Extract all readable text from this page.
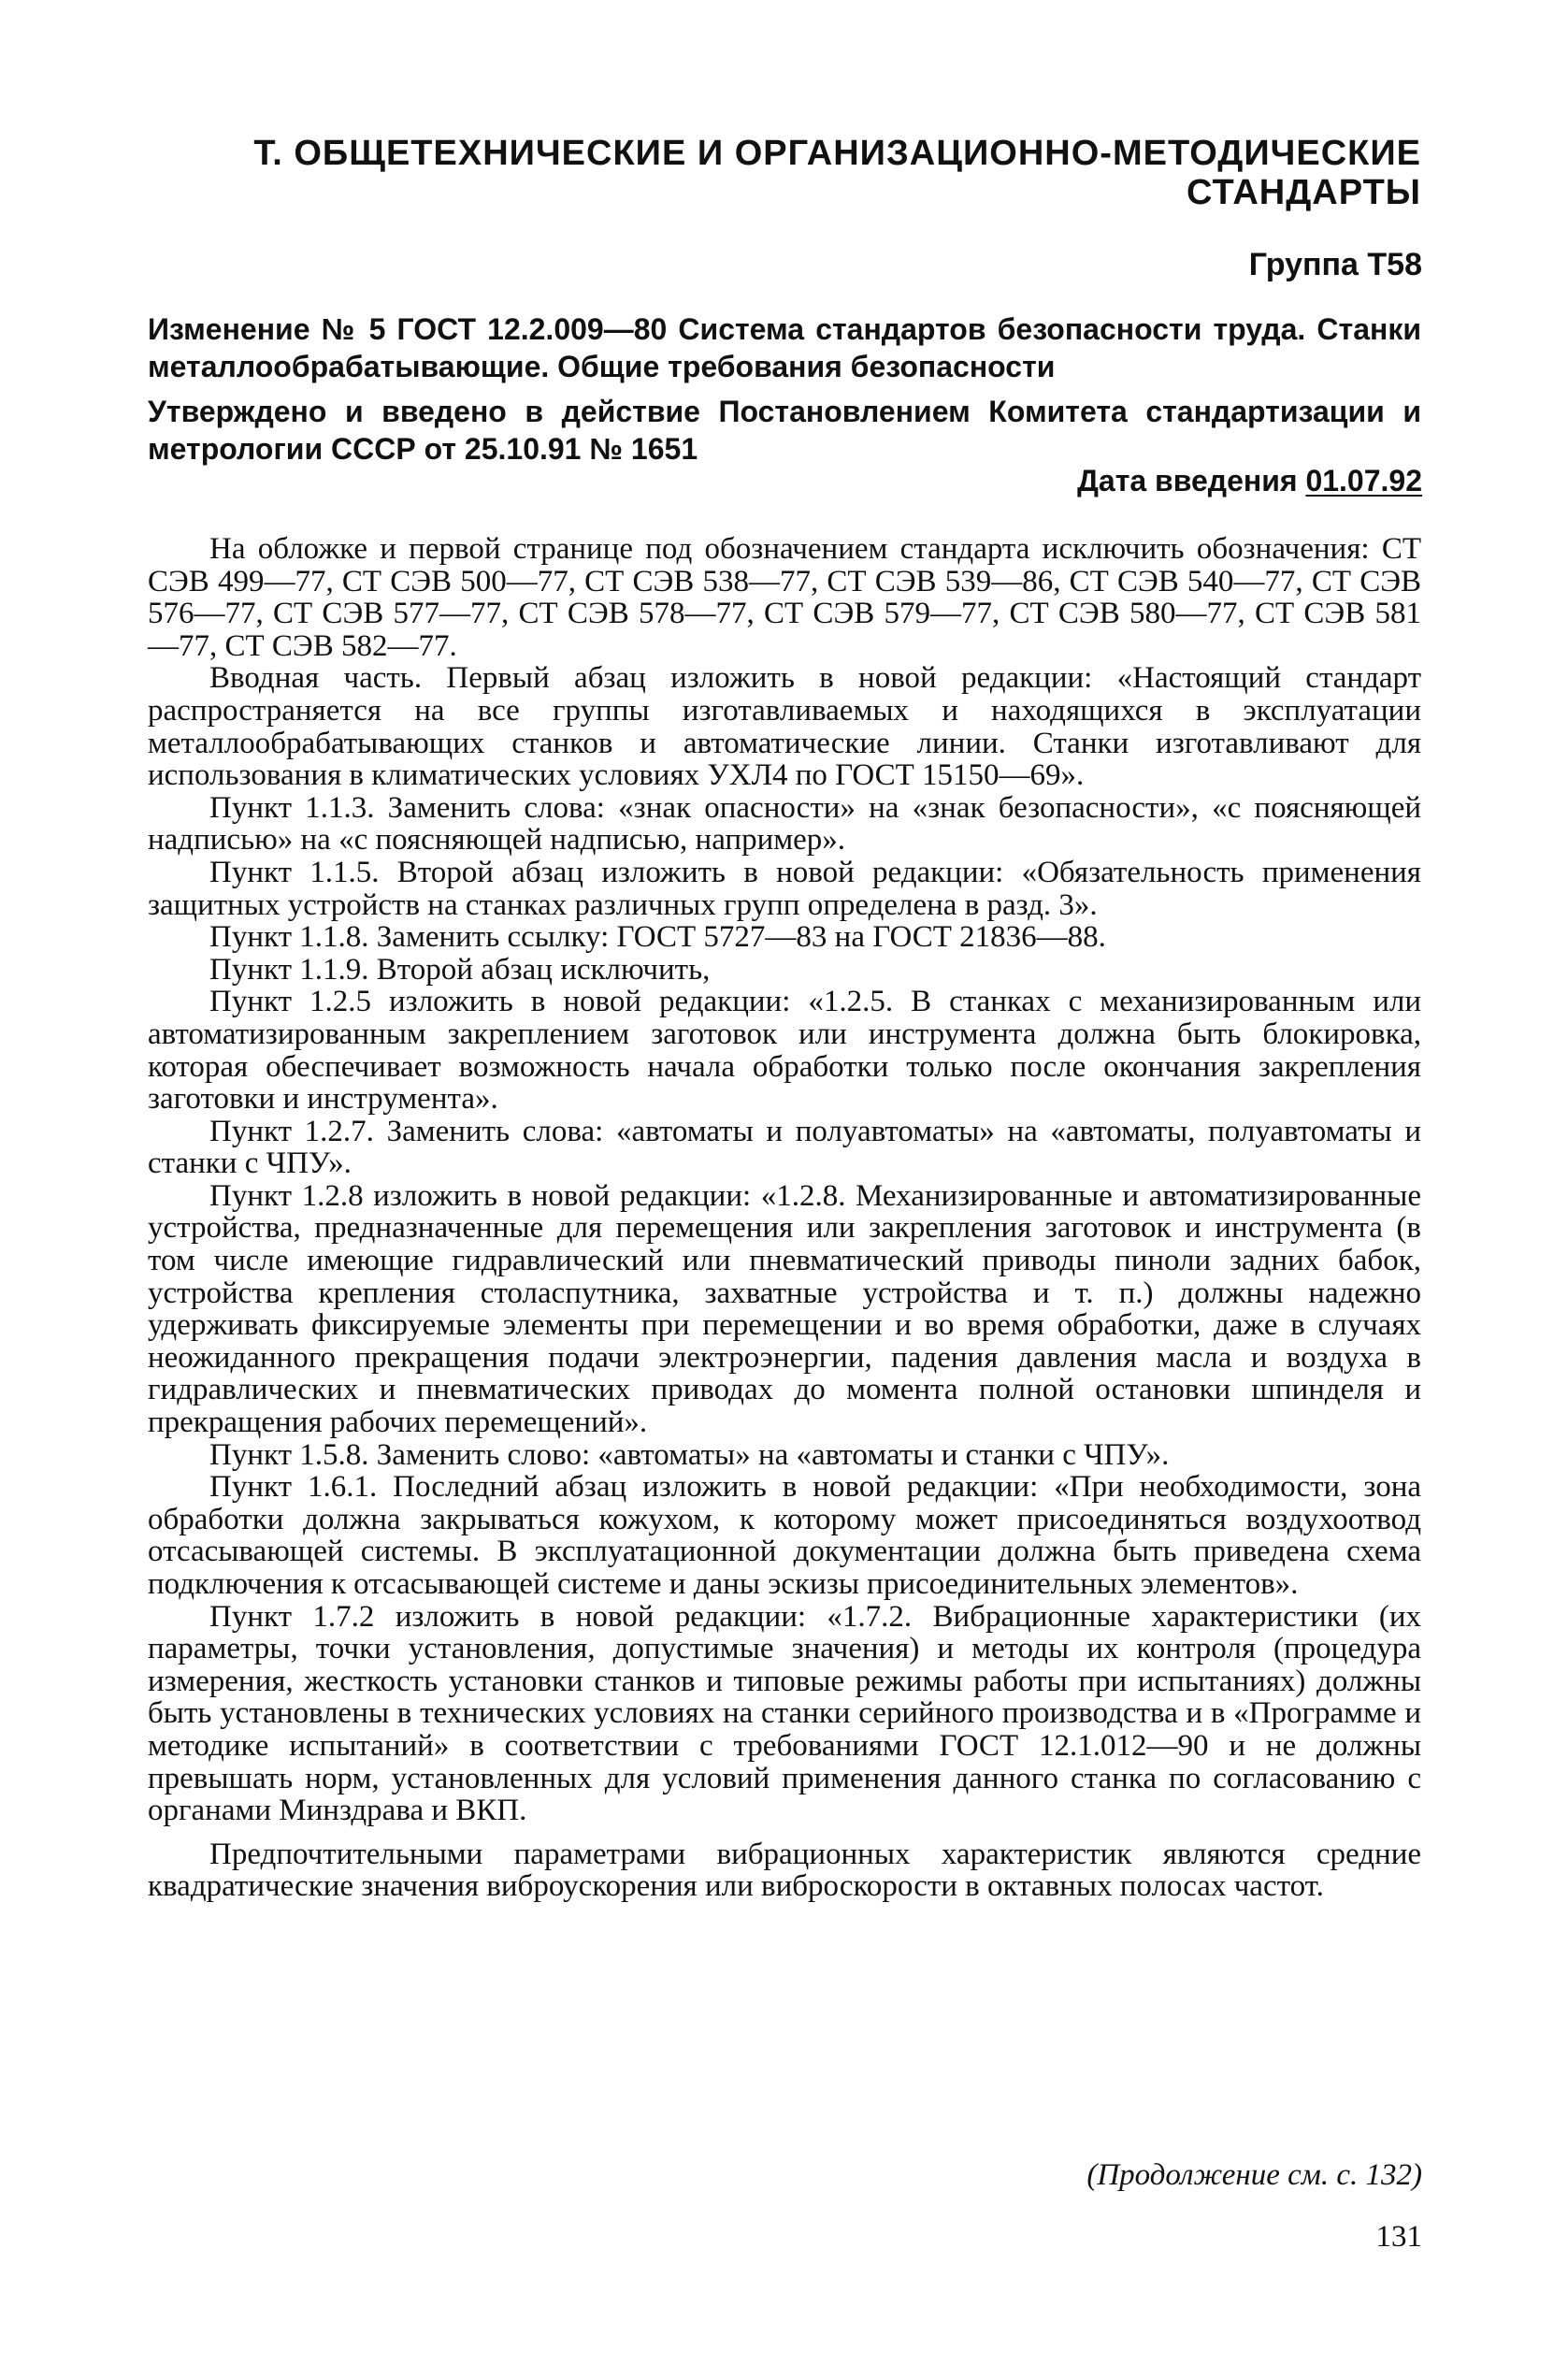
Т. ОБЩЕТЕХНИЧЕСКИЕ И ОРГАНИЗАЦИОННО-МЕТОДИЧЕСКИЕ
СТАНДАРТЫ

Группа Т58

Изменение № 5 ГОСТ 12.2.009—80 Система стандартов безопасности труда. Станки металлообрабатывающие. Общие требования безопасности

Утверждено и введено в действие Постановлением Комитета стандартизации и метрологии СССР от 25.10.91 № 1651

Дата введения 01.07.92

На обложке и первой странице под обозначением стандарта исключить обозначения: СТ СЭВ 499—77, СТ СЭВ 500—77, СТ СЭВ 538—77, СТ СЭВ 539—86, СТ СЭВ 540—77, СТ СЭВ 576—77, СТ СЭВ 577—77, СТ СЭВ 578—77, СТ СЭВ 579—77, СТ СЭВ 580—77, СТ СЭВ 581—77, СТ СЭВ 582—77.

Вводная часть. Первый абзац изложить в новой редакции: «Настоящий стандарт распространяется на все группы изготавливаемых и находящихся в эксплуатации металлообрабатывающих станков и автоматические линии. Станки изготавливают для использования в климатических условиях УХЛ4 по ГОСТ 15150—69».

Пункт 1.1.3. Заменить слова: «знак опасности» на «знак безопасности», «с поясняющей надписью» на «с поясняющей надписью, например».

Пункт 1.1.5. Второй абзац изложить в новой редакции: «Обязательность применения защитных устройств на станках различных групп определена в разд. 3».

Пункт 1.1.8. Заменить ссылку: ГОСТ 5727—83 на ГОСТ 21836—88.

Пункт 1.1.9. Второй абзац исключить,

Пункт 1.2.5 изложить в новой редакции: «1.2.5. В станках с механизированным или автоматизированным закреплением заготовок или инструмента должна быть блокировка, которая обеспечивает возможность начала обработки только после окончания закрепления заготовки и инструмента».

Пункт 1.2.7. Заменить слова: «автоматы и полуавтоматы» на «автоматы, полуавтоматы и станки с ЧПУ».

Пункт 1.2.8 изложить в новой редакции: «1.2.8. Механизированные и автоматизированные устройства, предназначенные для перемещения или закрепления заготовок и инструмента (в том числе имеющие гидравлический или пневматический приводы пиноли задних бабок, устройства крепления столаспутника, захватные устройства и т. п.) должны надежно удерживать фиксируемые элементы при перемещении и во время обработки, даже в случаях неожиданного прекращения подачи электроэнергии, падения давления масла и воздуха в гидравлических и пневматических приводах до момента полной остановки шпинделя и прекращения рабочих перемещений».

Пункт 1.5.8. Заменить слово: «автоматы» на «автоматы и станки с ЧПУ».

Пункт 1.6.1. Последний абзац изложить в новой редакции: «При необходимости, зона обработки должна закрываться кожухом, к которому может присоединяться воздухоотвод отсасывающей системы. В эксплуатационной документации должна быть приведена схема подключения к отсасывающей системе и даны эскизы присоединительных элементов».

Пункт 1.7.2 изложить в новой редакции: «1.7.2. Вибрационные характеристики (их параметры, точки установления, допустимые значения) и методы их контроля (процедура измерения, жесткость установки станков и типовые режимы работы при испытаниях) должны быть установлены в технических условиях на станки серийного производства и в «Программе и методике испытаний» в соответствии с требованиями ГОСТ 12.1.012—90 и не должны превышать норм, установленных для условий применения данного станка по согласованию с органами Минздрава и ВКП.

Предпочтительными параметрами вибрационных характеристик являются средние квадратические значения виброускорения или виброскорости в октавных полосах частот.

(Продолжение см. с. 132)

131
